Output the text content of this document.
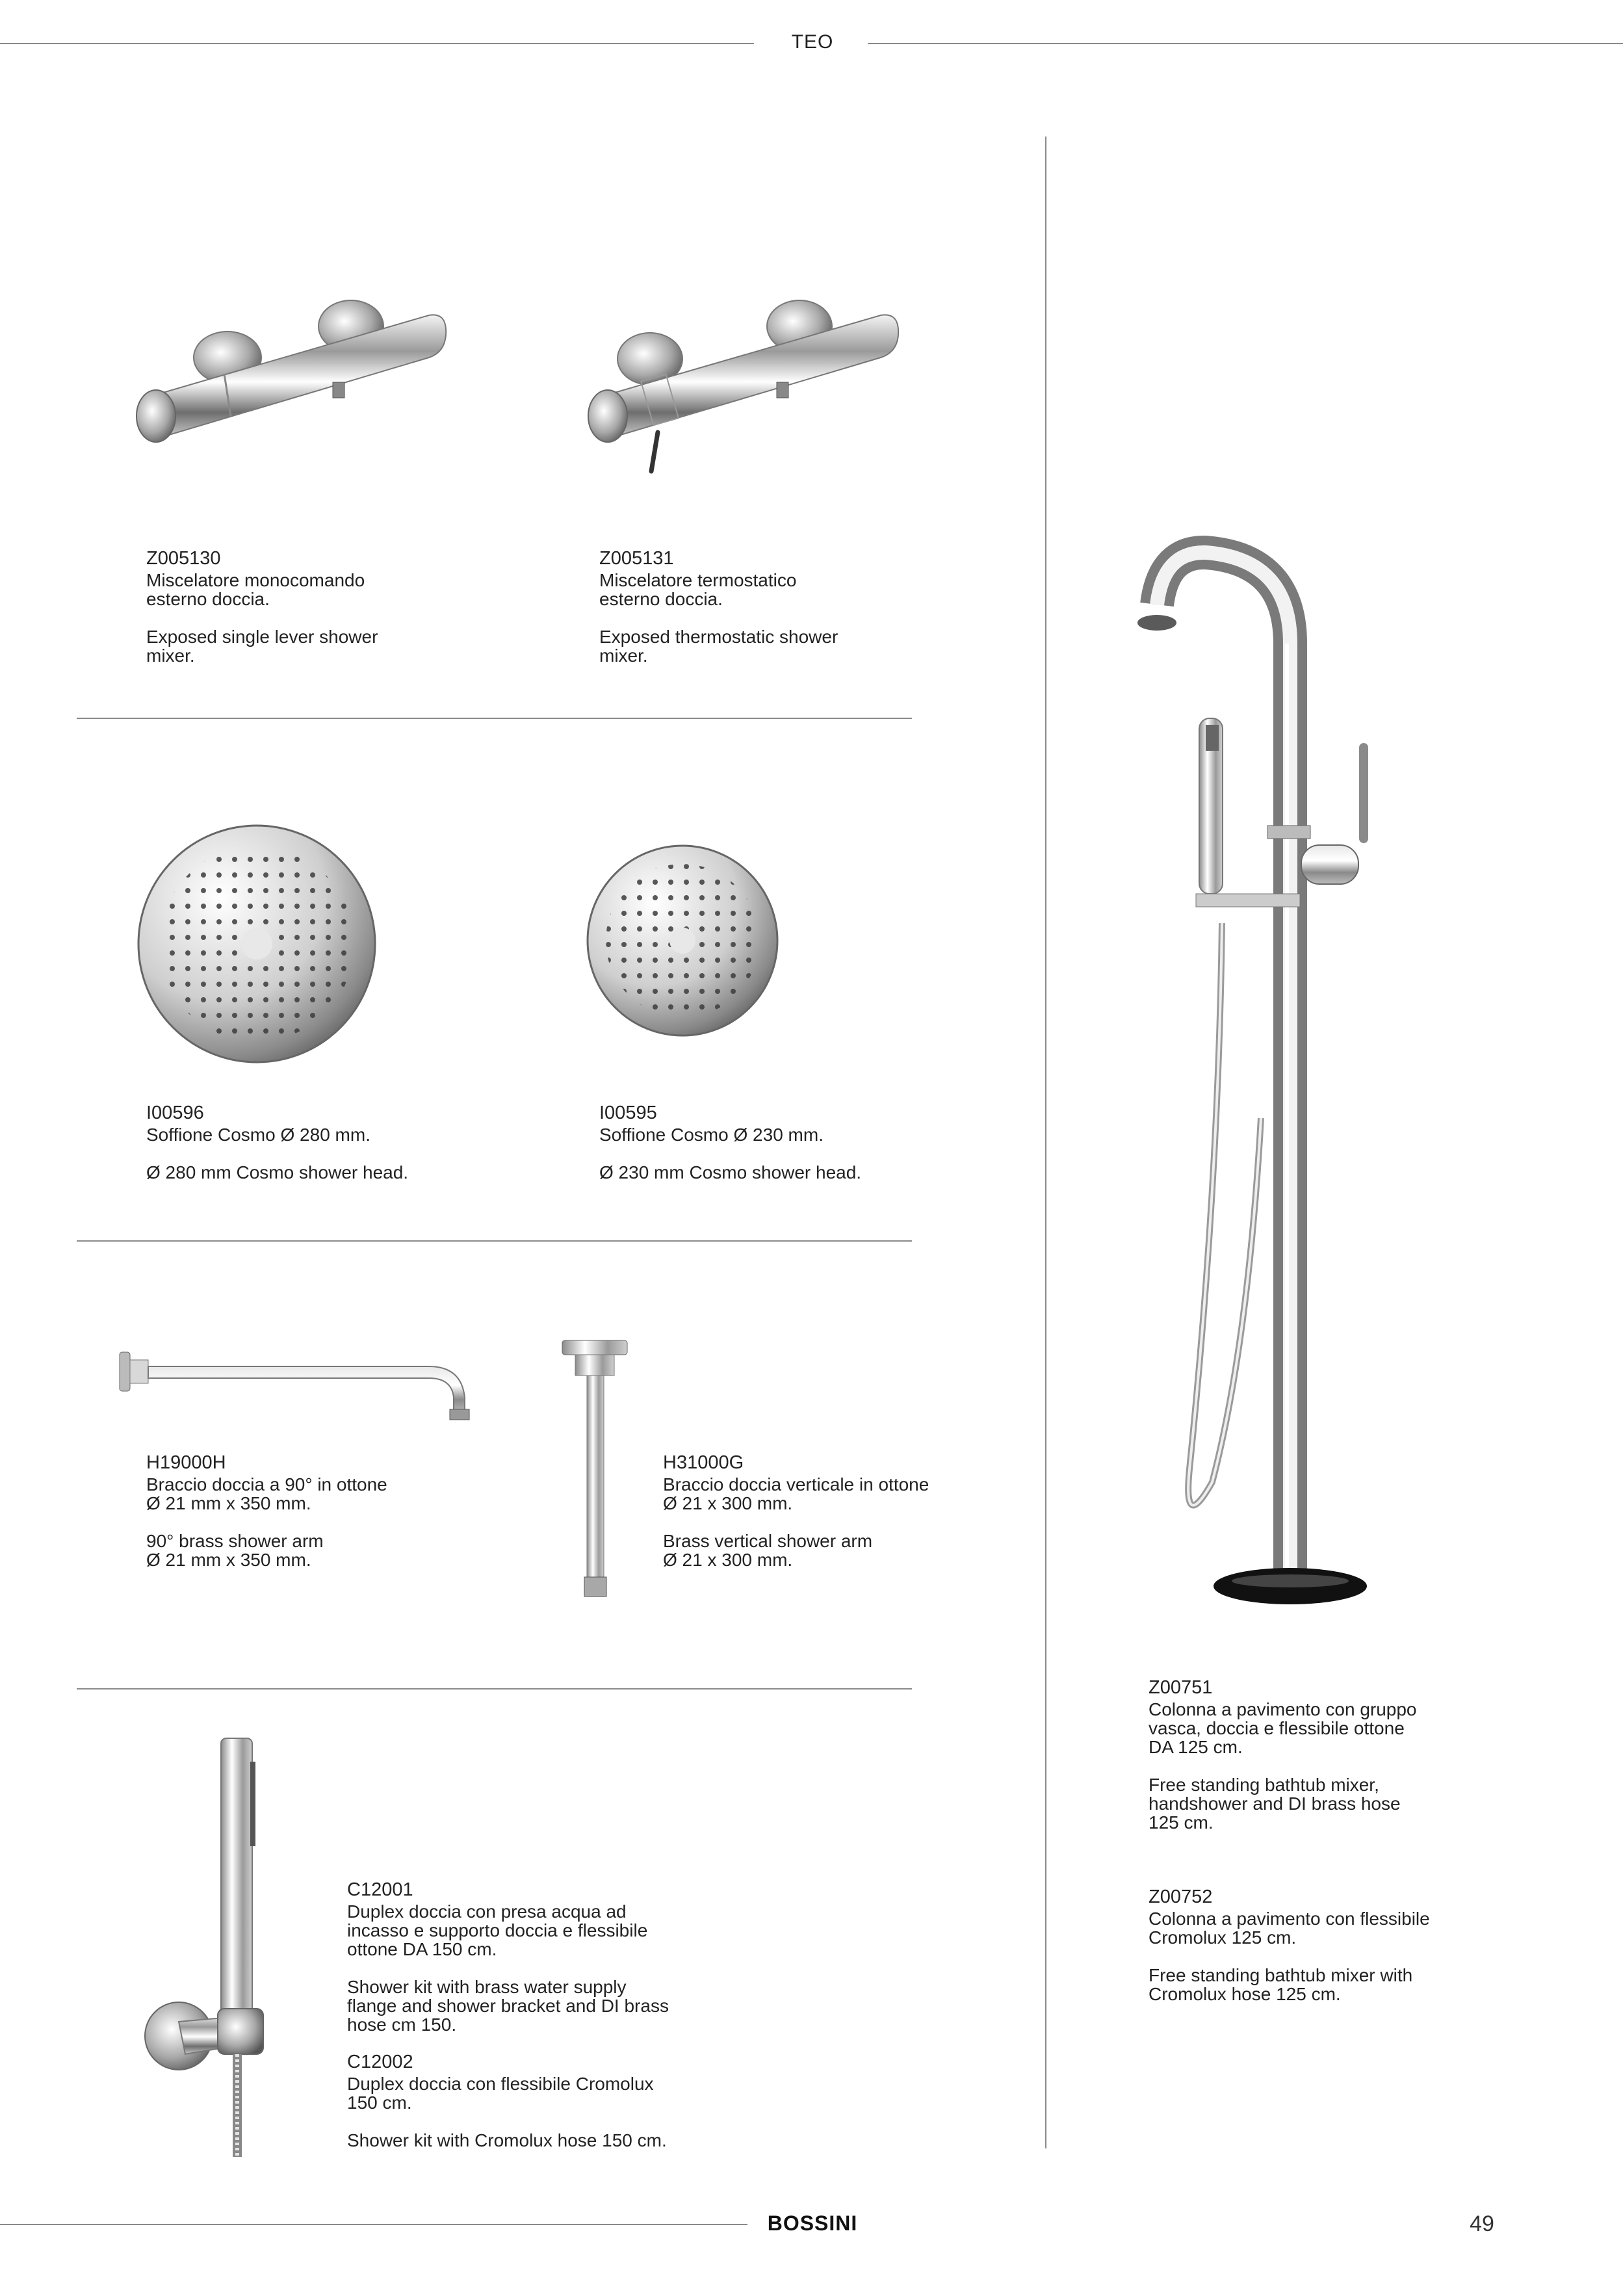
TEO
Z005130
Miscelatore monocomando
esterno doccia.
Exposed single lever shower
mixer.
Z005131
Miscelatore termostatico
esterno doccia.
Exposed thermostatic shower
mixer.
I00596
Soffione Cosmo Ø 280 mm.
Ø 280 mm Cosmo shower head.
I00595
Soffione Cosmo Ø 230 mm.
Ø 230 mm Cosmo shower head.
H19000H
Braccio doccia a 90° in ottone
Ø 21 mm x 350 mm.
90° brass shower arm
Ø 21 mm x 350 mm.
H31000G
Braccio doccia verticale in ottone
Ø 21 x 300 mm.
Brass vertical shower arm
Ø 21 x 300 mm.
C12001
Duplex doccia con presa acqua ad
incasso e supporto doccia e flessibile
ottone DA 150 cm.
Shower kit with brass water supply
flange and shower bracket and DI brass
hose cm 150.
C12002
Duplex doccia con flessibile Cromolux
150 cm.
Shower kit with Cromolux hose 150 cm.
Z00751
Colonna a pavimento con gruppo
vasca, doccia e flessibile ottone
DA 125 cm.
Free standing bathtub mixer,
handshower and DI brass hose
125 cm.
Z00752
Colonna a pavimento con flessibile
Cromolux 125 cm.
Free standing bathtub mixer with
Cromolux hose 125 cm.
BOSSINI	49
